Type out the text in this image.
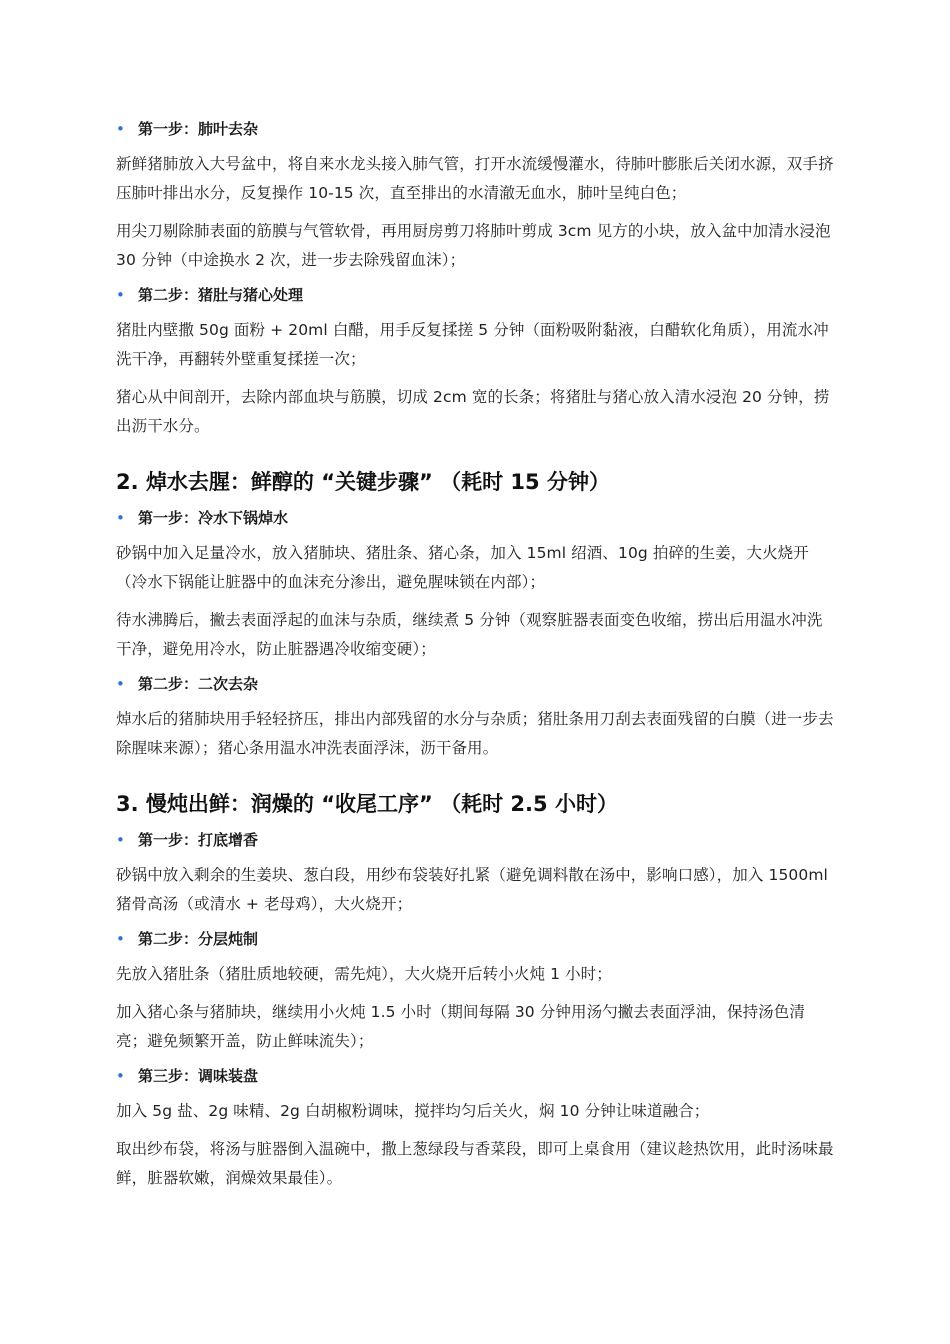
• 第一步：肺叶去杂

新鲜猪肺放入大号盆中，将自来水龙头接入肺气管，打开水流缓慢灌水，待肺叶膨胀后关闭水源，双手挤压肺叶排出水分，反复操作 10-15 次，直至排出的水清澈无血水，肺叶呈纯白色；

用尖刀剔除肺表面的筋膜与气管软骨，再用厨房剪刀将肺叶剪成 3cm 见方的小块，放入盆中加清水浸泡 30 分钟（中途换水 2 次，进一步去除残留血沫）；

• 第二步：猪肚与猪心处理

猪肚内壁撒 50g 面粉 + 20ml 白醋，用手反复揉搓 5 分钟（面粉吸附黏液，白醋软化角质），用流水冲洗干净，再翻转外壁重复揉搓一次；

猪心从中间剖开，去除内部血块与筋膜，切成 2cm 宽的长条；将猪肚与猪心放入清水浸泡 20 分钟，捞出沥干水分。

2. 焯水去腥：鲜醇的 “关键步骤” （耗时 15 分钟）
• 第一步：冷水下锅焯水

砂锅中加入足量冷水，放入猪肺块、猪肚条、猪心条，加入 15ml 绍酒、10g 拍碎的生姜，大火烧开（冷水下锅能让脏器中的血沫充分渗出，避免腥味锁在内部）；

待水沸腾后，撇去表面浮起的血沫与杂质，继续煮 5 分钟（观察脏器表面变色收缩，捞出后用温水冲洗干净，避免用冷水，防止脏器遇冷收缩变硬）；

• 第二步：二次去杂

焯水后的猪肺块用手轻轻挤压，排出内部残留的水分与杂质；猪肚条用刀刮去表面残留的白膜（进一步去除腥味来源）；猪心条用温水冲洗表面浮沫，沥干备用。

3. 慢炖出鲜：润燥的 “收尾工序” （耗时 2.5 小时）
• 第一步：打底增香

砂锅中放入剩余的生姜块、葱白段，用纱布袋装好扎紧（避免调料散在汤中，影响口感），加入 1500ml 猪骨高汤（或清水 + 老母鸡），大火烧开；

• 第二步：分层炖制

先放入猪肚条（猪肚质地较硬，需先炖），大火烧开后转小火炖 1 小时；

加入猪心条与猪肺块，继续用小火炖 1.5 小时（期间每隔 30 分钟用汤勺撇去表面浮油，保持汤色清亮；避免频繁开盖，防止鲜味流失）；

• 第三步：调味装盘

加入 5g 盐、2g 味精、2g 白胡椒粉调味，搅拌均匀后关火，焖 10 分钟让味道融合；

取出纱布袋，将汤与脏器倒入温碗中，撒上葱绿段与香菜段，即可上桌食用（建议趁热饮用，此时汤味最鲜，脏器软嫩，润燥效果最佳）。
